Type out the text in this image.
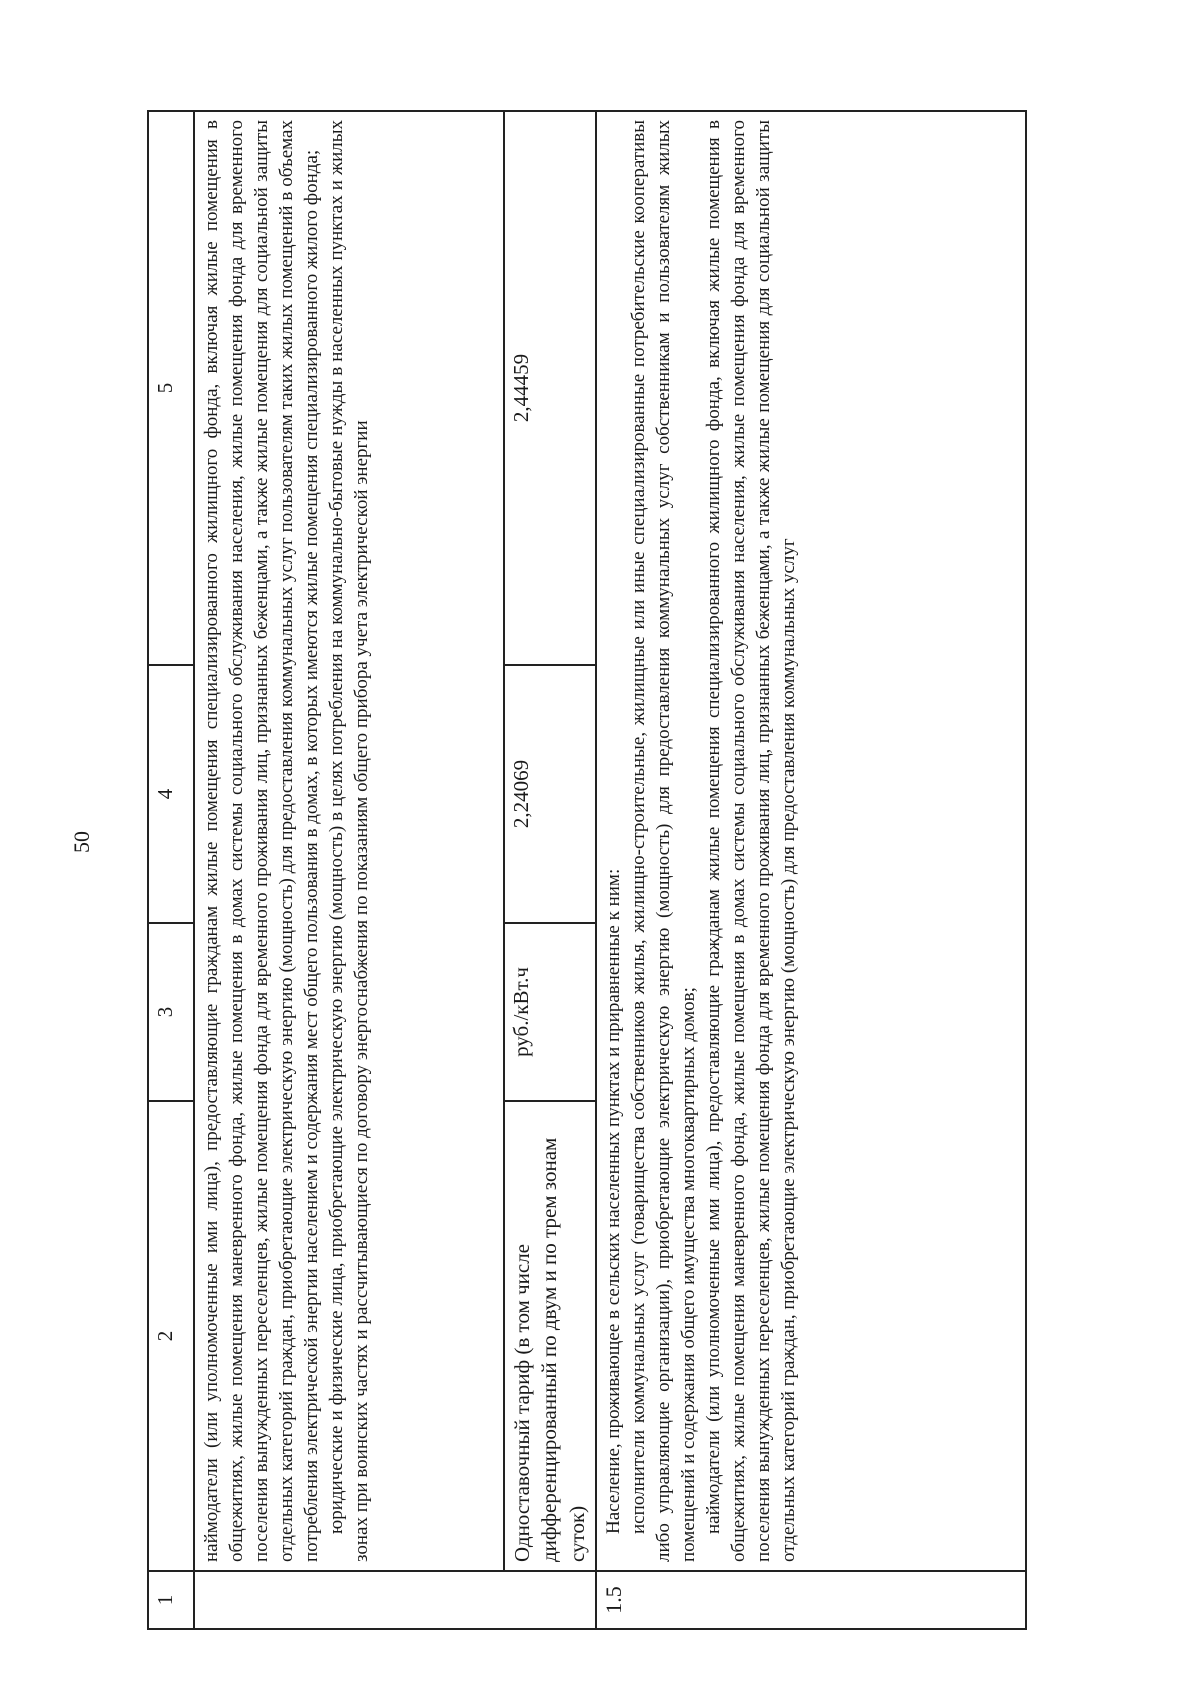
50
1	2	3	4	5

	наймодатели (или уполномоченные ими лица), предоставляющие гражданам жилые помещения специализированного жилищного фонда, включая жилые помещения в общежитиях, жилые помещения маневренного фонда, жилые помещения в домах системы социального обслуживания населения, жилые помещения фонда для временного поселения вынужденных переселенцев, жилые помещения фонда для временного проживания лиц, признанных беженцами, а также жилые помещения для социальной защиты отдельных категорий граждан, приобретающие электрическую энергию (мощность) для предоставления коммунальных услуг пользователям таких жилых помещений в объемах потребления электрической энергии населением и содержания мест общего пользования в домах, в которых имеются жилые помещения специализированного жилого фонда; юридические и физические лица, приобретающие электрическую энергию (мощность) в целях потребления на коммунально-бытовые нужды в населенных пунктах и жилых зонах при воинских частях и рассчитывающиеся по договору энергоснабжения по показаниям общего прибора учета электрической энергии			

	Одноставочный тариф (в том числе дифференцированный по двум и по трем зонам суток)	руб./кВт.ч	2,24069	2,44459
1.5	Население, проживающее в сельских населенных пунктах и приравненные к ним: исполнители коммунальных услуг (товарищества собственников жилья, жилищно-строительные, жилищные или иные специализированные потребительские кооперативы либо управляющие организации), приобретающие электрическую энергию (мощность) для предоставления коммунальных услуг собственникам и пользователям жилых помещений и содержания общего имущества многоквартирных домов; наймодатели (или уполномоченные ими лица), предоставляющие гражданам жилые помещения специализированного жилищного фонда, включая жилые помещения в общежитиях, жилые помещения маневренного фонда, жилые помещения в домах системы социального обслуживания населения, жилые помещения фонда для временного поселения вынужденных переселенцев, жилые помещения фонда для временного проживания лиц, признанных беженцами, а также жилые помещения для социальной защиты отдельных категорий граждан, приобретающие электрическую энергию (мощность) для предоставления коммунальных услуг			
